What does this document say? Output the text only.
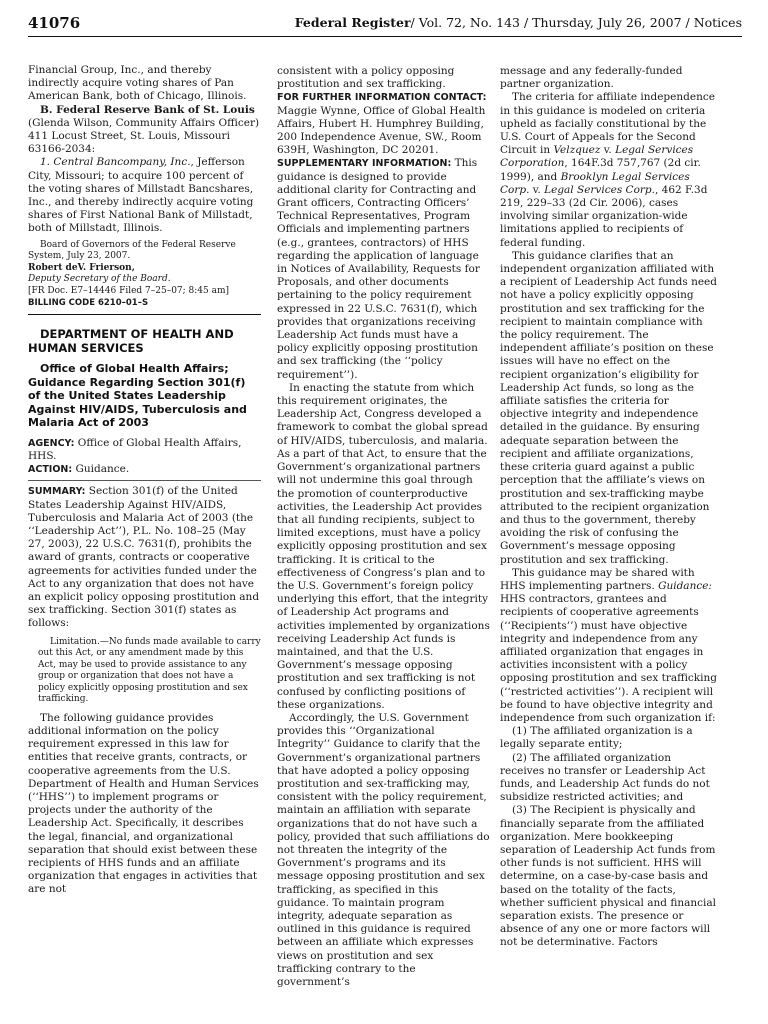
41076	Federal Register/ Vol. 72, No. 143 / Thursday, July 26, 2007 / Notices

Financial Group, Inc., and thereby indirectly acquire voting shares of Pan American Bank, both of Chicago, Illinois.

B. Federal Reserve Bank of St. Louis (Glenda Wilson, Community Affairs Officer) 411 Locust Street, St. Louis, Missouri 63166-2034:

1. Central Bancompany, Inc., Jefferson City, Missouri; to acquire 100 percent of the voting shares of Millstadt Bancshares, Inc., and thereby indirectly acquire voting shares of First National Bank of Millstadt, both of Millstadt, Illinois.

Board of Governors of the Federal Reserve System, July 23, 2007.

Robert deV. Frierson,

Deputy Secretary of the Board.

[FR Doc. E7–14446 Filed 7–25–07; 8:45 am]

BILLING CODE 6210–01–S

DEPARTMENT OF HEALTH AND HUMAN SERVICES

Office of Global Health Affairs; Guidance Regarding Section 301(f) of the United States Leadership Against HIV/AIDS, Tuberculosis and Malaria Act of 2003

AGENCY: Office of Global Health Affairs, HHS.

ACTION: Guidance.

SUMMARY: Section 301(f) of the United States Leadership Against HIV/AIDS, Tuberculosis and Malaria Act of 2003 (the ‘‘Leadership Act’’), P.L. No. 108–25 (May 27, 2003), 22 U.S.C. 7631(f), prohibits the award of grants, contracts or cooperative agreements for activities funded under the Act to any organization that does not have an explicit policy opposing prostitution and sex trafficking. Section 301(f) states as follows:

Limitation.—No funds made available to carry out this Act, or any amendment made by this Act, may be used to provide assistance to any group or organization that does not have a policy explicitly opposing prostitution and sex trafficking.

The following guidance provides additional information on the policy requirement expressed in this law for entities that receive grants, contracts, or cooperative agreements from the U.S. Department of Health and Human Services (‘‘HHS’’) to implement programs or projects under the authority of the Leadership Act. Specifically, it describes the legal, financial, and organizational separation that should exist between these recipients of HHS funds and an affiliate organization that engages in activities that are not

consistent with a policy opposing prostitution and sex trafficking.

FOR FURTHER INFORMATION CONTACT:

Maggie Wynne, Office of Global Health Affairs, Hubert H. Humphrey Building, 200 Independence Avenue, SW., Room 639H, Washington, DC 20201.

SUPPLEMENTARY INFORMATION: This guidance is designed to provide additional clarity for Contracting and Grant officers, Contracting Officers’ Technical Representatives, Program Officials and implementing partners (e.g., grantees, contractors) of HHS regarding the application of language in Notices of Availability, Requests for Proposals, and other documents pertaining to the policy requirement expressed in 22 U.S.C. 7631(f), which provides that organizations receiving Leadership Act funds must have a policy explicitly opposing prostitution and sex trafficking (the ‘‘policy requirement’’).

In enacting the statute from which this requirement originates, the Leadership Act, Congress developed a framework to combat the global spread of HIV/AIDS, tuberculosis, and malaria. As a part of that Act, to ensure that the Government’s organizational partners will not undermine this goal through the promotion of counterproductive activities, the Leadership Act provides that all funding recipients, subject to limited exceptions, must have a policy explicitly opposing prostitution and sex trafficking. It is critical to the effectiveness of Congress’s plan and to the U.S. Government’s foreign policy underlying this effort, that the integrity of Leadership Act programs and activities implemented by organizations receiving Leadership Act funds is maintained, and that the U.S. Government’s message opposing prostitution and sex trafficking is not confused by conflicting positions of these organizations.

Accordingly, the U.S. Government provides this ‘‘Organizational Integrity’’ Guidance to clarify that the Government’s organizational partners that have adopted a policy opposing prostitution and sex-trafficking may, consistent with the policy requirement, maintain an affiliation with separate organizations that do not have such a policy, provided that such affiliations do not threaten the integrity of the Government’s programs and its message opposing prostitution and sex trafficking, as specified in this guidance. To maintain program integrity, adequate separation as outlined in this guidance is required between an affiliate which expresses views on prostitution and sex trafficking contrary to the government’s

message and any federally-funded partner organization.

The criteria for affiliate independence in this guidance is modeled on criteria upheld as facially constitutional by the U.S. Court of Appeals for the Second Circuit in Velzquez v. Legal Services Corporation, 164F.3d 757,767 (2d cir. 1999), and Brooklyn Legal Services Corp. v. Legal Services Corp., 462 F.3d 219, 229–33 (2d Cir. 2006), cases involving similar organization-wide limitations applied to recipients of federal funding.

This guidance clarifies that an independent organization affiliated with a recipient of Leadership Act funds need not have a policy explicitly opposing prostitution and sex trafficking for the recipient to maintain compliance with the policy requirement. The independent affiliate’s position on these issues will have no effect on the recipient organization’s eligibility for Leadership Act funds, so long as the affiliate satisfies the criteria for objective integrity and independence detailed in the guidance. By ensuring adequate separation between the recipient and affiliate organizations, these criteria guard against a public perception that the affiliate’s views on prostitution and sex-trafficking maybe attributed to the recipient organization and thus to the government, thereby avoiding the risk of confusing the Government’s message opposing prostitution and sex trafficking.

This guidance may be shared with HHS implementing partners. Guidance: HHS contractors, grantees and recipients of cooperative agreements (‘‘Recipients’’) must have objective integrity and independence from any affiliated organization that engages in activities inconsistent with a policy opposing prostitution and sex trafficking (‘‘restricted activities’’). A recipient will be found to have objective integrity and independence from such organization if:

(1) The affiliated organization is a legally separate entity;

(2) The affiliated organization receives no transfer or Leadership Act funds, and Leadership Act funds do not subsidize restricted activities; and

(3) The Recipient is physically and financially separate from the affiliated organization. Mere bookkeeping separation of Leadership Act funds from other funds is not sufficient. HHS will determine, on a case-by-case basis and based on the totality of the facts, whether sufficient physical and financial separation exists. The presence or absence of any one or more factors will not be determinative. Factors
